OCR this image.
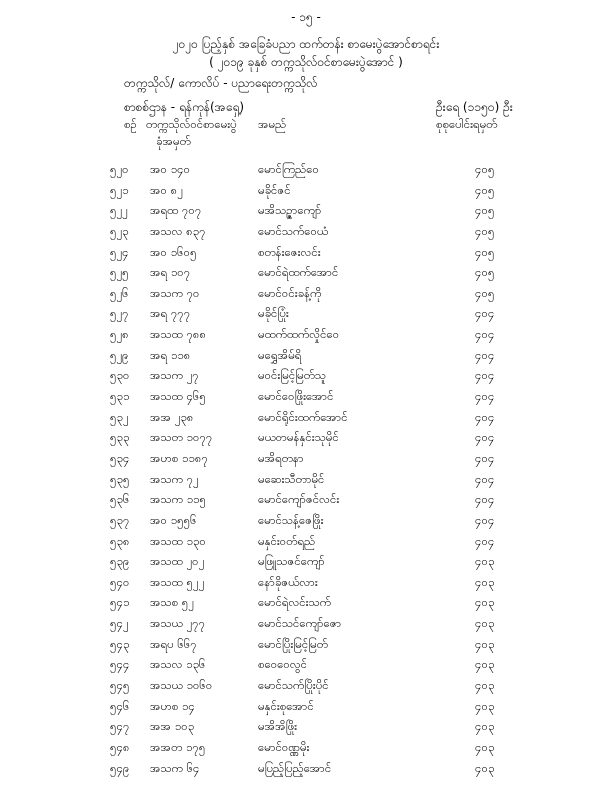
- ၁၅ -
၂၀၂၀ ပြည့်နှစ် အခြေခံပညာ ထက်တန်း စာမေးပွဲအောင်စာရင်း
( ၂၀၁၉ ခုနှစ် တက္ကသိုလ်ဝင်စာမေးပွဲအောင် )
တက္ကသိုလ်/ ကောလိပ် - ပညာရေးတက္ကသိုလ်
စာစစ်ဌာန - ရန်ကုန်(အရှေ့)	ဦးရေ (၁၁၅၀) ဦး
စဉ် တက္ကသိုလ်ဝင်စာမေးပွဲ
ခုံအမှတ်
အမည်	စုစုပေါင်းရမှတ်
၅၂၀ အဝ ၁၄၀	မောင်ကြည်ဝေ	၄၀၅
၅၂၁ အဝ ၈၂	မခိုင်ဇင်	၄၀၅
၅၂၂ အရထ ၇၀၇	မအိသဉ္ဇာကျော်	၄၀၅
၅၂၃ အသလ ၈၃၇	မောင်သက်ဝေယံ	၄၀၅
၅၂၄ အဝ ၁၆၀၅	စတန်းဇေးလင်း	၄၀၅
၅၂၅ အရ ၁၀၇	မောင်ရဲထက်အောင်	၄၀၅
၅၂၆ အသက ၇၀	မောင်ဝင်းခန့်ကို	၄၀၅
၅၂၇ အရ ၇၇၇	မခိုင်ပြုံး	၄၀၄
၅၂၈ အသထ ၇၈၈	မထက်ထက်လှိုင်ဝေ	၄၀၄
၅၂၉ အရ ၁၁၈	မရွှေအိမ်ရိ	၄၀၄
၅၃၀ အသက ၂၇	မဝင်းမြင့်မြတ်သူ	၄၀၄
၅၃၁ အသထ ၄၆၅	မောင်ဝေဖြိုးအောင်	၄၀၄
၅၃၂ အအ ၂၃၈	မောင်ရိုင်းထက်အောင်	၄၀၄
၅၃၃ အသတ ၁၀၇၇	မယ၀ာမန်နှင်းသုမိုင်	၄၀၄
၅၃၄ အဟစ ၁၁၈၇	မအိရတနာ	၄၀၄
၅၃၅ အသက ၇၂	မဆေးသီတာမိုင်	၄၀၄
၅၃၆ အသက ၁၁၅	မောင်ကျော်ဇင်လင်း	၄၀၄
၅၃၇ အဝ ၁၅၅၆	မောင်သန့်ဇေဖြိုး	၄၀၄
၅၃၈ အသထ ၁၃၀	မနှင်းဝတ်ရည်	၄၀၄
၅၃၉ အသထ ၂၀၂	မဖြူသဇင်ကျော်	၄၀၃
၅၄၀ အသထ ၅၂၂	နော်ခိုဇယ်လား	၄၀၃
၅၄၁ အသစ ၅၂	မောင်ရဲလင်းသက်	၄၀၃
၅၄၂ အသယ ၂၇၇	မောင်သင်ကျော်ဇော	၄၀၃
၅၄၃ အရပ ၆၆၇	မောင်ပြိုးမြင့်မြတ်	၄၀၃
၅၄၄ အသလ ၁၃၆	စဝေဝေလွင်	၄၀၃
၅၄၅ အသယ ၁၀၆၀	မောင်သက်ပြိုးပိုင်	၄၀၃
၅၄၆ အဟစ ၁၄	မနှင်းစုအောင်	၄၀၃
၅၄၇ အအ ၁၀၃	မအိအိဖြိုး	၄၀၃
၅၄၈ အအတ ၁၇၅	မောင်ဝဏ္ဏမိုး	၄၀၃
၅၄၉ အသက ၆၄	မပြည့်ပြည့်အောင်	၄၀၃
